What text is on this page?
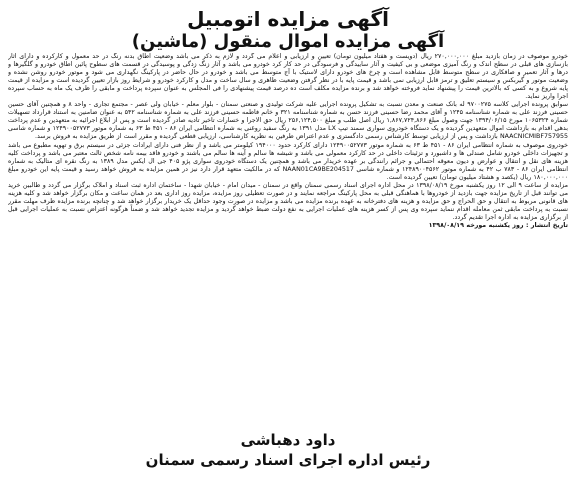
آگهی مزایده اتومبیل

آگهی مزایده اموال منقول (ماشین)

خودرو موصوف در زمان بازدید مبلغ ۲۷۰,۰۰۰,۰۰۰ ریال (دویست و هفتاد میلیون تومان) تعیین و ارزیابی و اعلام می گردد و لازم به ذکر می باشد وضعیت اطاق بدنه رنگ در حد معمول و کارکرده و دارای آثار بازسازی های قبلی در سطح اندک و رنگ آمیزی موضعی و بی کیفیت و آثار ساییدگی و فرسودگی در حد کار کرد خودرو می باشد و آثار زنگ زدگی و پوسیدگی در قسمت های سطوح پائین اطاق خودرو و گلگیرها و درها و آثار تعمیر و صافکاری در سطح متوسط قابل مشاهده است و چرخ های خودرو دارای لاستیک با آج متوسط می باشد و خودرو در حال حاضر در پارکینگ نگهداری می شود و موتور خودرو روشن نشده و وضعیت موتور و گیربکس و سیستم تعلیق و ترمز قابل ارزیابی نمی باشد و قیمت پایه با در نظر گرفتن وضعیت ظاهری و سال ساخت و مدل و کارکرد خودرو و شرایط روز بازار تعیین گردیده است و مزایده از قیمت پایه شروع و به کسی که بالاترین قیمت را پیشنهاد نماید فروخته خواهد شد و برنده مزایده مکلف است ده درصد قیمت پیشنهادی را فی المجلس به عنوان سپرده پرداخت و مابقی را ظرف یک ماه به حساب سپرده اجرا واریز نماید.

سوابق پرونده اجرایی کلاسه ۹۷۰۰۲۷۵ له بانک صنعت و معدن نسبت به تشکیل پرونده اجرایی علیه شرکت تولیدی و صنعتی سمنان - بلوار معلم - خیابان ولی عصر - مجتمع تجاری - واحد ۸ و همچنین آقای حسین حسینی فرزند علی به شماره شناسنامه ۱۲۴۵ و آقای محمد رضا حسینی فرزند حسن به شماره شناسنامه ۳۲۱ و خانم فاطمه حسینی فرزند علی به شماره شناسنامه ۵۴۲ به عنوان ضامنین به استناد قرارداد تسهیلات شماره ۱۰۶۵۳۲۴ مورخ ۱۳۹۴/۰۶/۱۵ جهت وصول مبلغ ۱,۸۶۷,۷۲۴,۸۶۶ ریال اصل طلب و مبلغ ۲۵۶,۱۲۴,۵۰۰ ریال حق الاجرا و خسارات تاخیر تادیه صادر گردیده است و پس از ابلاغ اجرائیه به متعهدین و عدم پرداخت بدهی اقدام به بازداشت اموال متعهدین گردیده و یک دستگاه خودروی سواری سمند تیپ LX مدل ۱۳۹۱ به رنگ سفید روغنی به شماره انتظامی ایران ۸۶ - ۴۵۱ ط ۶۳ به شماره موتور ۱۲۴۹۰۰۵۲۷۷۳ و شماره شاسی NAACNICMIBF757955 بازداشت و پس از ارزیابی توسط کارشناس رسمی دادگستری و عدم اعتراض طرفین به نظریه کارشناسی، ارزیابی قطعی گردیده و مقرر است از طریق مزایده به فروش برسد.

خودروی موصوف به شماره انتظامی ایران ۸۶ - ۴۵۱ ط ۶۳ به شماره موتور ۱۲۴۹۰۰۵۲۷۷۳ دارای کارکرد حدود ۱۹۴۰۰۰ کیلومتر می باشد و از نظر فنی دارای ایرادات جزئی در سیستم برق و تهویه مطبوع می باشد و تجهیزات داخلی خودرو شامل صندلی ها و داشبورد و تزئینات داخلی در حد کارکرد معمولی می باشد و شیشه ها سالم و آینه ها سالم می باشند و خودرو فاقد بیمه نامه شخص ثالث معتبر می باشد و پرداخت کلیه هزینه های نقل و انتقال و عوارض و دیون معوقه احتمالی و جرائم رانندگی بر عهده خریدار می باشد و همچنین یک دستگاه خودروی سواری پژو ۴۰۵ جی ال ایکس مدل ۱۳۸۹ به رنگ نقره ای متالیک به شماره انتظامی ایران ۸۶ - ۷۸۳ ب ۴۲ به شماره موتور ۱۲۴۸۹۰۰۴۵۶۲ و شماره شاسی NAAN01CA9BE204517 که در مالکیت متعهد قرار دارد نیز در همین مزایده به فروش خواهد رسید و قیمت پایه این خودرو مبلغ ۱۸۰,۰۰۰,۰۰۰ ریال (یکصد و هشتاد میلیون تومان) تعیین گردیده است.

مزایده از ساعت ۹ الی ۱۲ روز یکشنبه مورخ ۱۳۹۸/۰۸/۱۹ در محل اداره اجرای اسناد رسمی سمنان واقع در سمنان - میدان امام - خیابان شهدا - ساختمان اداره ثبت اسناد و املاک برگزار می گردد و طالبین خرید می توانند قبل از تاریخ مزایده جهت بازدید از خودروها با هماهنگی قبلی به محل پارکینگ مراجعه نمایند و در صورت تعطیلی روز مزایده، مزایده روز اداری بعد در همان ساعت و مکان برگزار خواهد شد و کلیه هزینه های قانونی مربوط به انتقال و حق الحراج و حق مزایده و هزینه های دفترخانه به عهده برنده مزایده می باشد و مزایده در صورت وجود حداقل یک خریدار برگزار خواهد شد و چنانچه برنده مزایده ظرف مهلت مقرر نسبت به پرداخت مابقی ثمن معامله اقدام ننماید سپرده وی پس از کسر هزینه های عملیات اجرایی به نفع دولت ضبط خواهد گردید و مزایده تجدید خواهد شد و ضمناً هرگونه اعتراض نسبت به عملیات اجرایی قبل از برگزاری مزایده به اداره اجرا تقدیم گردد.

تاریخ انتشار : روز یکشنبه مورخه ۱۳۹۸/۰۸/۱۹

داود دهباشی

رئیس اداره اجرای اسناد رسمی سمنان
